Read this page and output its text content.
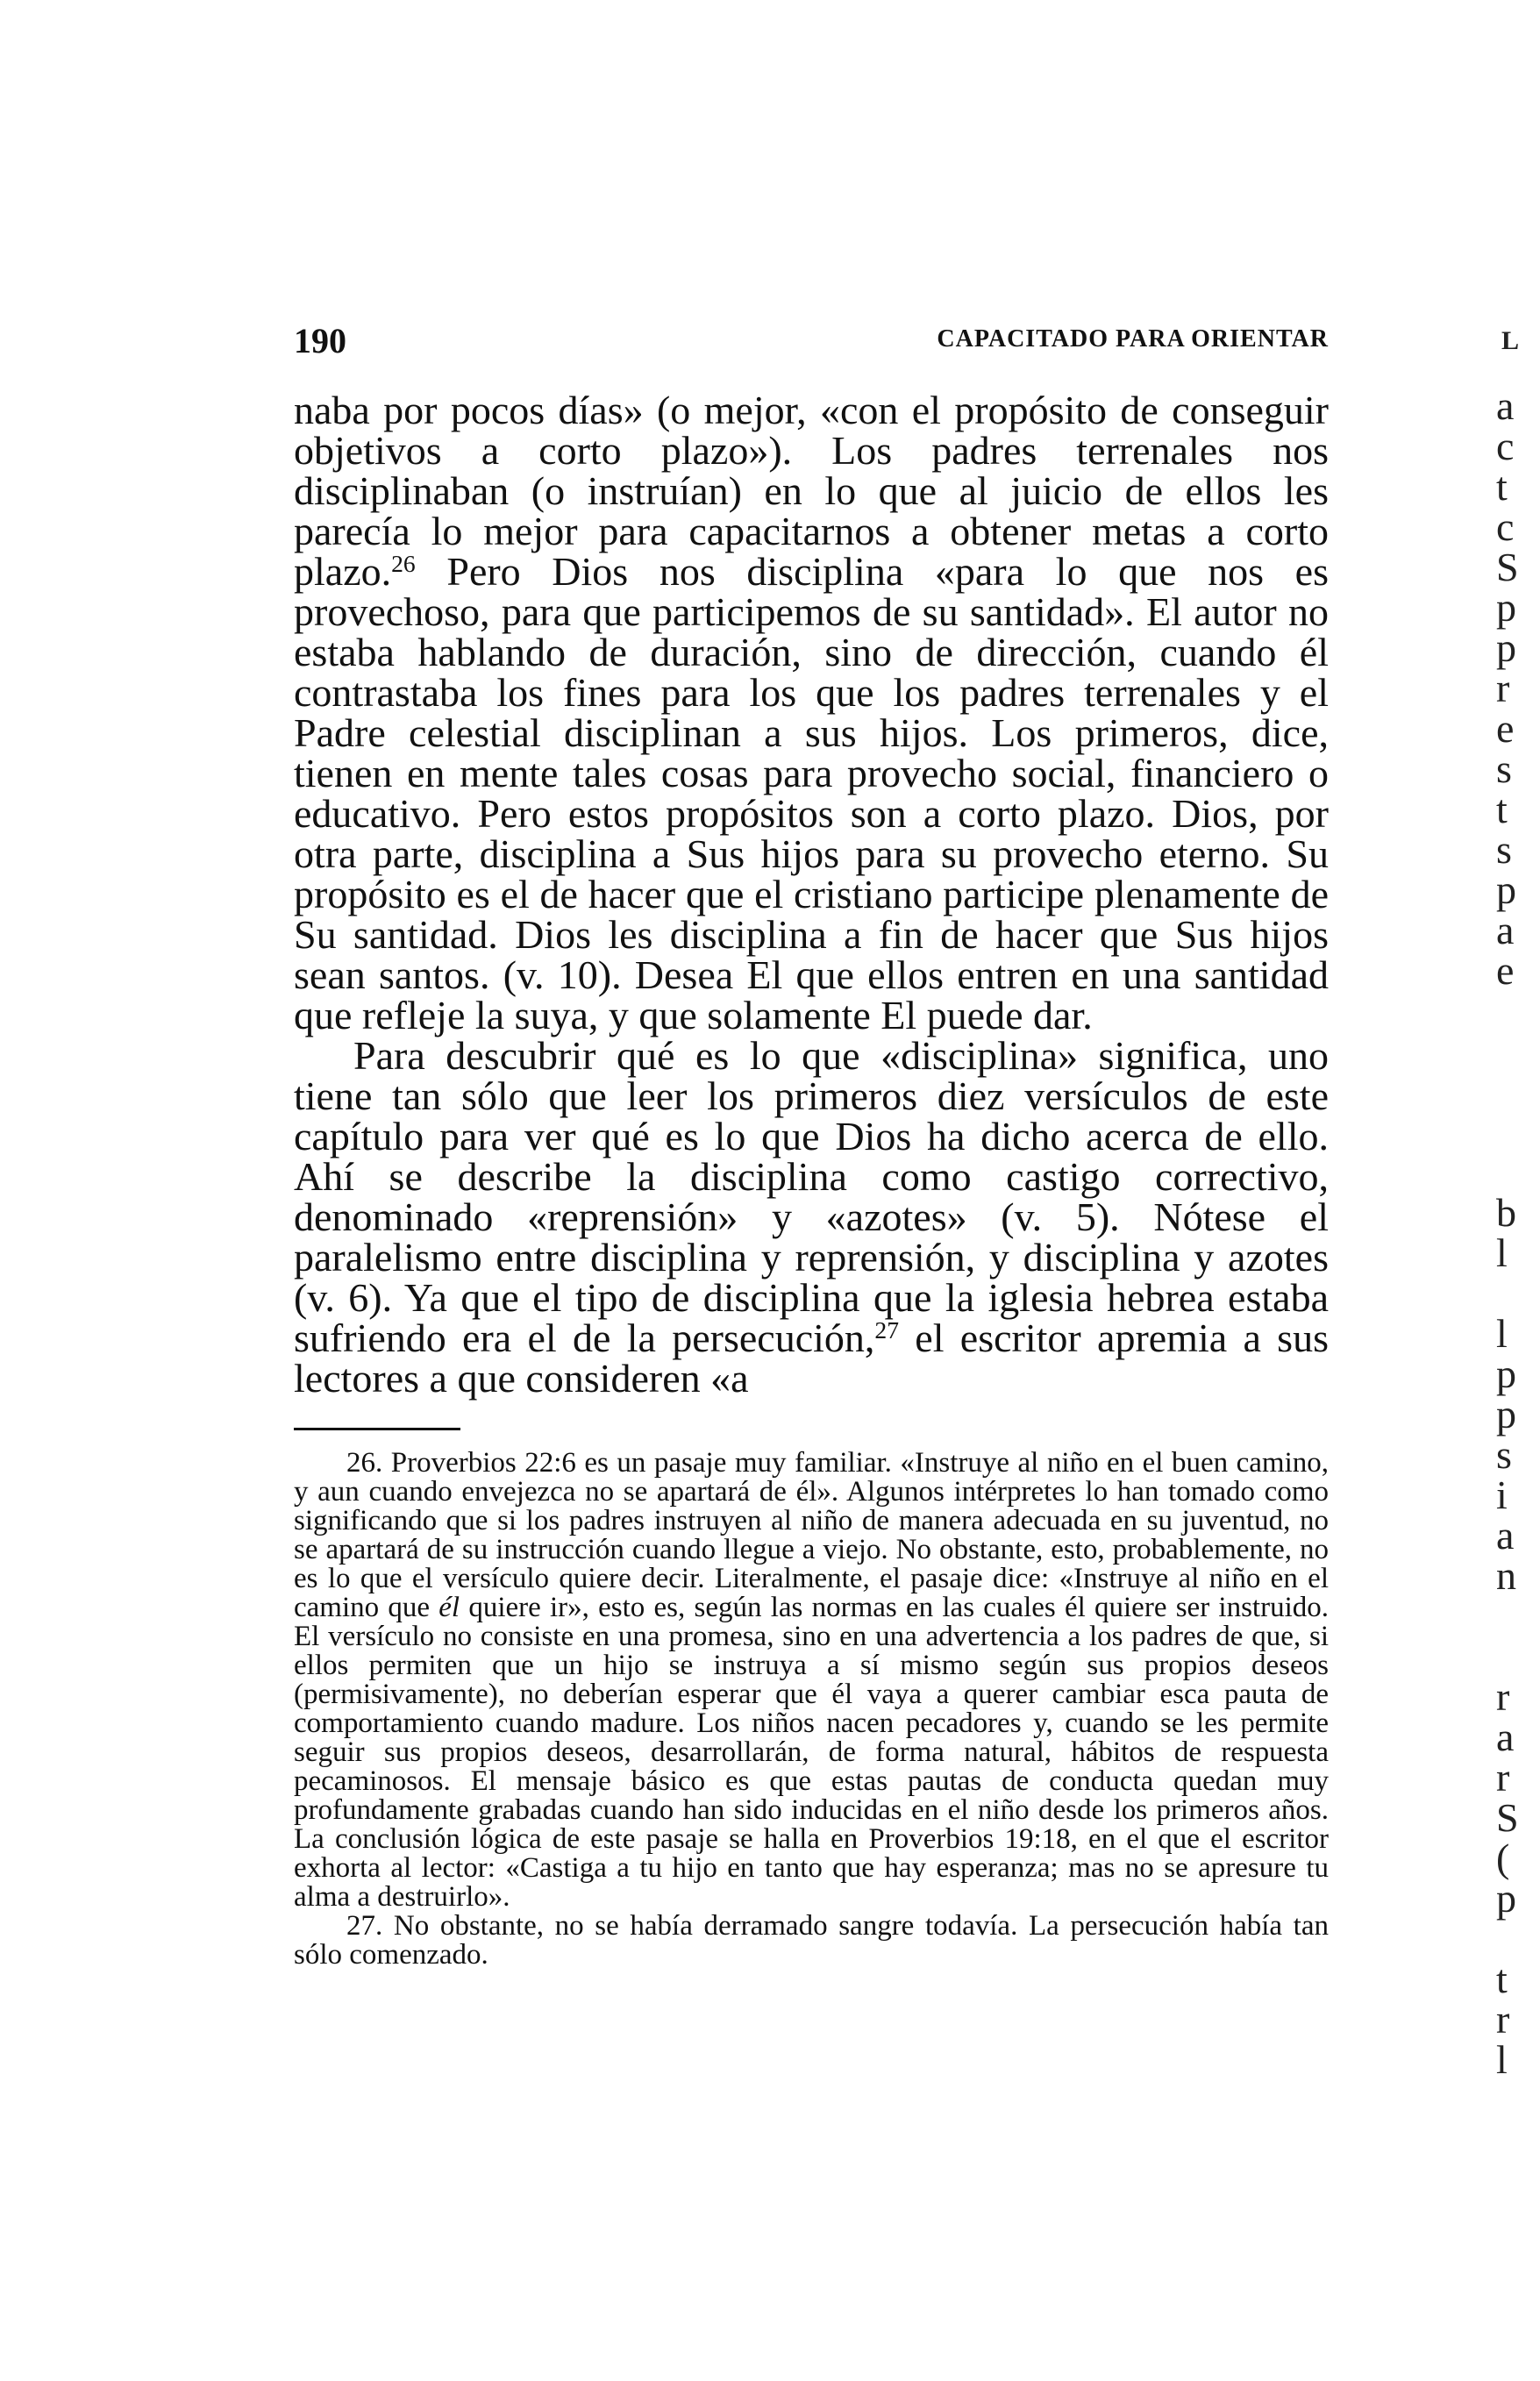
190	CAPACITADO PARA ORIENTAR

naba por pocos días» (o mejor, «con el propósito de conseguir objetivos a corto plazo»). Los padres terrenales nos disciplinaban (o instruían) en lo que al juicio de ellos les parecía lo mejor para capacitarnos a obtener metas a corto plazo.$^{26}$ Pero Dios nos disciplina «para lo que nos es provechoso, para que participemos de su santidad». El autor no estaba hablando de duración, sino de dirección, cuando él contrastaba los fines para los que los padres terrenales y el Padre celestial disciplinan a sus hijos. Los primeros, dice, tienen en mente tales cosas para provecho social, financiero o educativo. Pero estos propósitos son a corto plazo. Dios, por otra parte, disciplina a Sus hijos para su provecho eterno. Su propósito es el de hacer que el cristiano participe plenamente de Su santidad. Dios les disciplina a fin de hacer que Sus hijos sean santos. (v. 10). Desea El que ellos entren en una santidad que refleje la suya, y que solamente El puede dar.

Para descubrir qué es lo que «disciplina» significa, uno tiene tan sólo que leer los primeros diez versículos de este capítulo para ver qué es lo que Dios ha dicho acerca de ello. Ahí se describe la disciplina como castigo correctivo, denominado «reprensión» y «azotes» (v. 5). Nótese el paralelismo entre disciplina y reprensión, y disciplina y azotes (v. 6). Ya que el tipo de disciplina que la iglesia hebrea estaba sufriendo era el de la persecución,$^{27}$ el escritor apremia a sus lectores a que consideren «a

26. Proverbios 22:6 es un pasaje muy familiar. «Instruye al niño en el buen camino, y aun cuando envejezca no se apartará de él». Algunos intérpretes lo han tomado como significando que si los padres instruyen al niño de manera adecuada en su juventud, no se apartará de su instrucción cuando llegue a viejo. No obstante, esto, probablemente, no es lo que el versículo quiere decir. Literalmente, el pasaje dice: «Instruye al niño en el camino que él quiere ir», esto es, según las normas en las cuales él quiere ser instruido. El versículo no consiste en una promesa, sino en una advertencia a los padres de que, si ellos permiten que un hijo se instruya a sí mismo según sus propios deseos (permisivamente), no deberían esperar que él vaya a querer cambiar esca pauta de comportamiento cuando madure. Los niños nacen pecadores y, cuando se les permite seguir sus propios deseos, desarrollarán, de forma natural, hábitos de respuesta pecaminosos. El mensaje básico es que estas pautas de conducta quedan muy profundamente grabadas cuando han sido inducidas en el niño desde los primeros años. La conclusión lógica de este pasaje se halla en Proverbios 19:18, en el que el escritor exhorta al lector: «Castiga a tu hijo en tanto que hay esperanza; mas no se apresure tu alma a destruirlo».

27. No obstante, no se había derramado sangre todavía. La persecución había tan sólo comenzado.

L
a
c
t
c
S
p
p
r
e
s
t
s
p
a
e
b
l
l
p
p
s
i
a
n
r
a
r
S
(
p
t
r
l
